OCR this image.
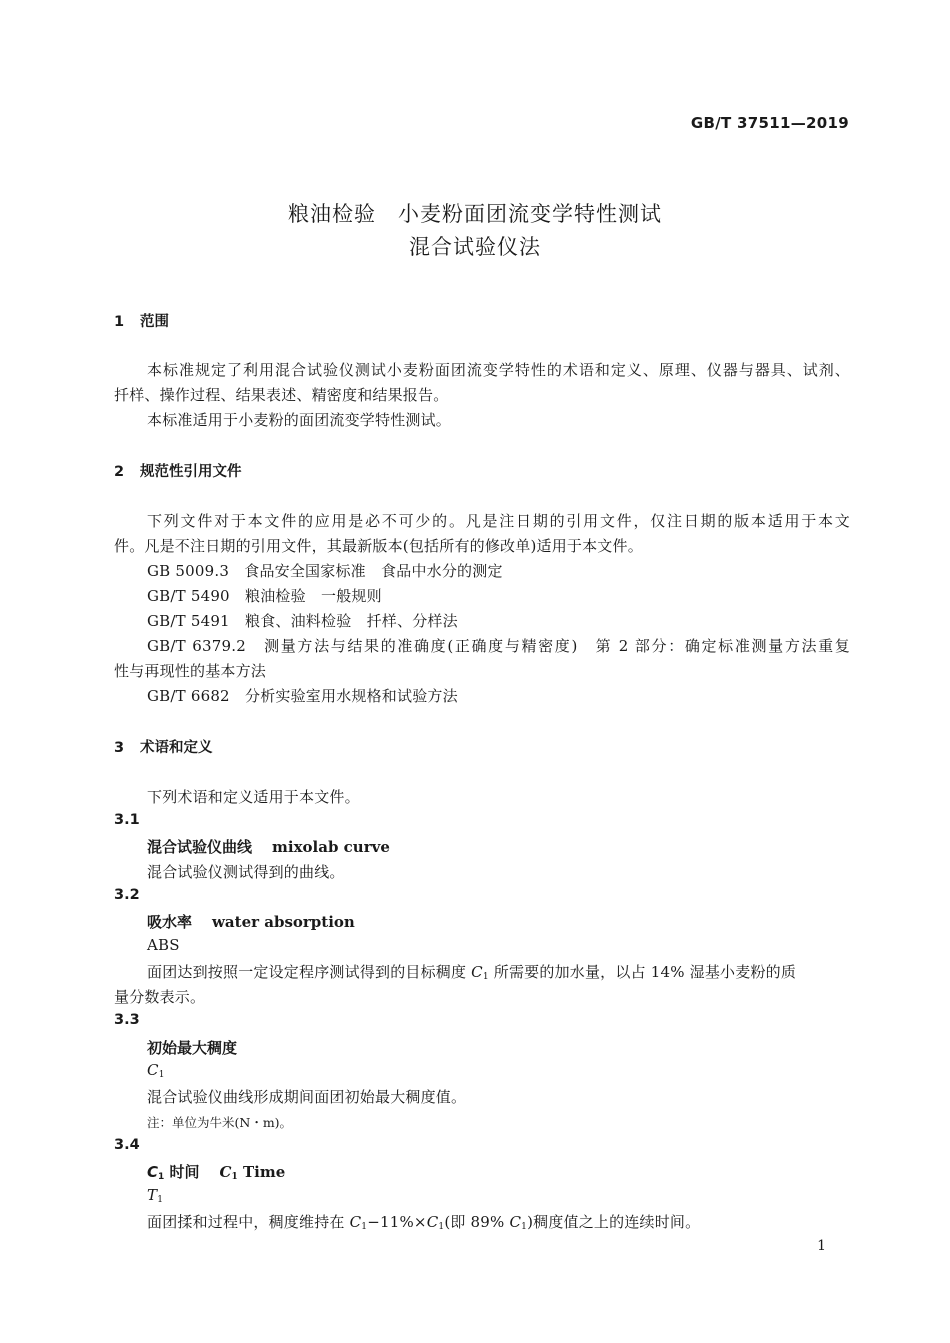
GB/T 37511—2019
粮油检验　小麦粉面团流变学特性测试
混合试验仪法
1 范围
本标准规定了利用混合试验仪测试小麦粉面团流变学特性的术语和定义、原理、仪器与器具、试剂、
扦样、操作过程、结果表述、精密度和结果报告。
本标准适用于小麦粉的面团流变学特性测试。
2 规范性引用文件
下列文件对于本文件的应用是必不可少的。凡是注日期的引用文件，仅注日期的版本适用于本文
件。凡是不注日期的引用文件，其最新版本(包括所有的修改单)适用于本文件。
GB 5009.3　食品安全国家标准　食品中水分的测定
GB/T 5490　粮油检验　一般规则
GB/T 5491　粮食、油料检验　扦样、分样法
GB/T 6379.2　测量方法与结果的准确度(正确度与精密度)　第 2 部分：确定标准测量方法重复
性与再现性的基本方法
GB/T 6682　分析实验室用水规格和试验方法
3 术语和定义
下列术语和定义适用于本文件。
3.1
混合试验仪曲线 mixolab curve
混合试验仪测试得到的曲线。
3.2
吸水率 water absorption
ABS
面团达到按照一定设定程序测试得到的目标稠度 $C_1$ 所需要的加水量，以占 14% 湿基小麦粉的质
量分数表示。
3.3
初始最大稠度
$C_1$
混合试验仪曲线形成期间面团初始最大稠度值。
注：单位为牛米(N・m)。
3.4
$C_1$ 时间 $C_1$ Time
$T_1$
面团揉和过程中，稠度维持在 $C_1-11\%\times C_1$(即 89% $C_1$)稠度值之上的连续时间。
1
